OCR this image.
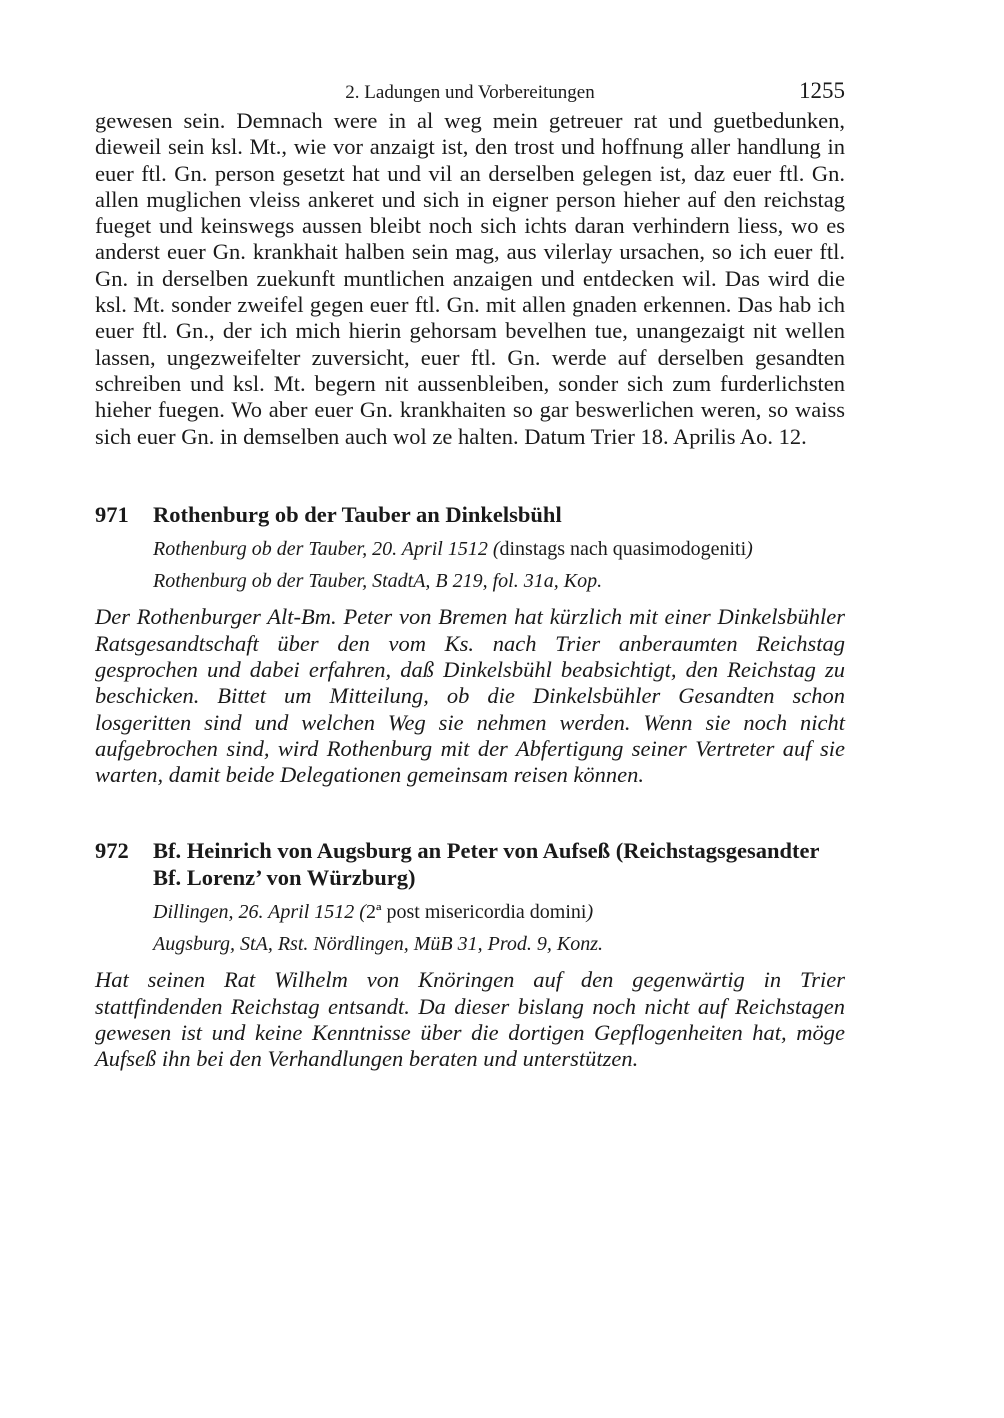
2. Ladungen und Vorbereitungen	1255

gewesen sein. Demnach were in al weg mein getreuer rat und guetbedunken, dieweil sein ksl. Mt., wie vor anzaigt ist, den trost und hoffnung aller handlung in euer ftl. Gn. person gesetzt hat und vil an derselben gelegen ist, daz euer ftl. Gn. allen muglichen vleiss ankeret und sich in eigner person hieher auf den reichstag fueget und keinswegs aussen bleibt noch sich ichts daran verhindern liess, wo es anderst euer Gn. krankhait halben sein mag, aus vilerlay ursachen, so ich euer ftl. Gn. in derselben zuekunft muntlichen anzaigen und entdecken wil. Das wird die ksl. Mt. sonder zweifel gegen euer ftl. Gn. mit allen gnaden erkennen. Das hab ich euer ftl. Gn., der ich mich hierin gehorsam bevelhen tue, unangezaigt nit wellen lassen, ungezweifelter zuversicht, euer ftl. Gn. werde auf derselben gesandten schreiben und ksl. Mt. begern nit aussenbleiben, sonder sich zum furderlichsten hieher fuegen. Wo aber euer Gn. krankhaiten so gar beswerlichen weren, so waiss sich euer Gn. in demselben auch wol ze halten. Datum Trier 18. Aprilis Ao. 12.

971	Rothenburg ob der Tauber an Dinkelsbühl
Rothenburg ob der Tauber, 20. April 1512 (dinstags nach quasimodogeniti)
Rothenburg ob der Tauber, StadtA, B 219, fol. 31a, Kop.

Der Rothenburger Alt-Bm. Peter von Bremen hat kürzlich mit einer Dinkelsbühler Ratsgesandtschaft über den vom Ks. nach Trier anberaumten Reichstag gesprochen und dabei erfahren, daß Dinkelsbühl beabsichtigt, den Reichstag zu beschicken. Bittet um Mitteilung, ob die Dinkelsbühler Gesandten schon losgeritten sind und welchen Weg sie nehmen werden. Wenn sie noch nicht aufgebrochen sind, wird Rothenburg mit der Abfertigung seiner Vertreter auf sie warten, damit beide Delegationen gemeinsam reisen können.

972	Bf. Heinrich von Augsburg an Peter von Aufseß (Reichstagsgesandter Bf. Lorenz’ von Würzburg)
Dillingen, 26. April 1512 (2ª post misericordia domini)
Augsburg, StA, Rst. Nördlingen, MüB 31, Prod. 9, Konz.

Hat seinen Rat Wilhelm von Knöringen auf den gegenwärtig in Trier stattfindenden Reichstag entsandt. Da dieser bislang noch nicht auf Reichstagen gewesen ist und keine Kenntnisse über die dortigen Gepflogenheiten hat, möge Aufseß ihn bei den Verhandlungen beraten und unterstützen.
